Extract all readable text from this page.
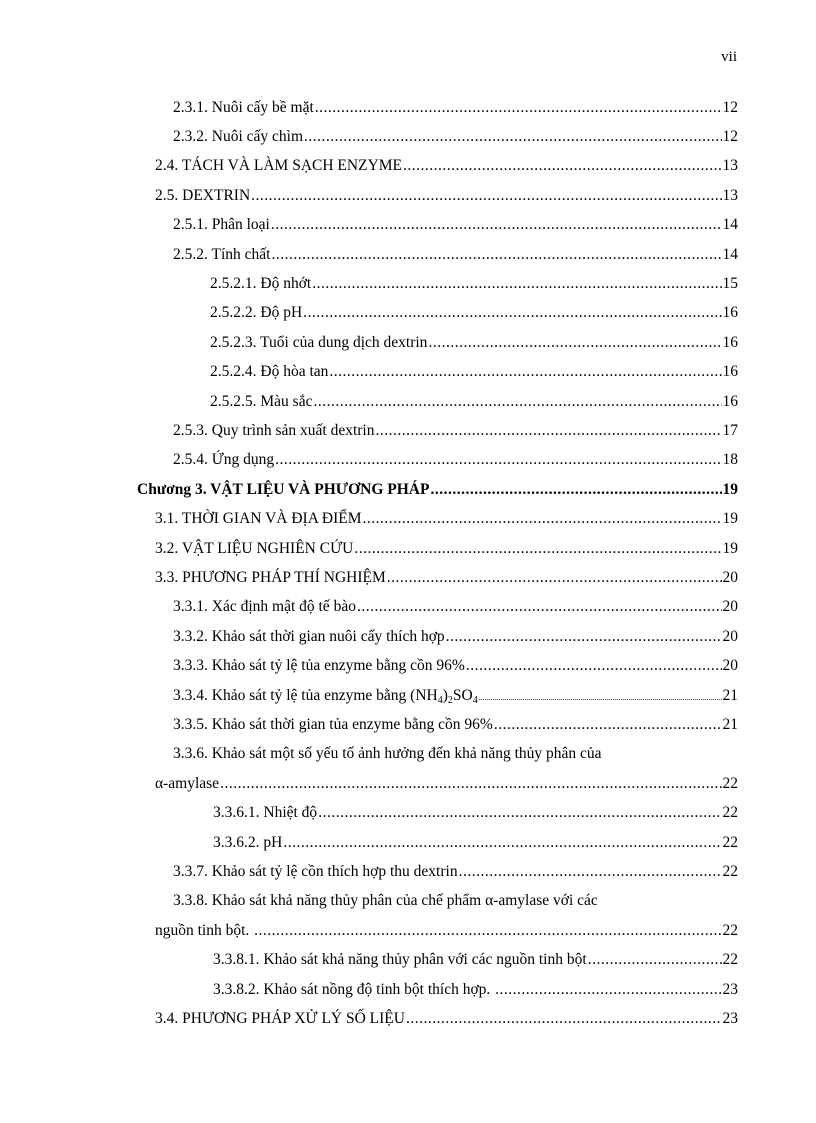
vii
2.3.1. Nuôi cấy bề mặt .....	12
2.3.2. Nuôi cấy chìm .....	12
2.4. TÁCH VÀ LÀM SẠCH ENZYME .....	13
2.5. DEXTRIN .....	13
2.5.1. Phân loại .....	14
2.5.2. Tính chất .....	14
2.5.2.1. Độ nhớt .....	15
2.5.2.2. Độ pH .....	16
2.5.2.3. Tuổi của dung dịch dextrin .....	16
2.5.2.4. Độ hòa tan .....	16
2.5.2.5. Màu sắc .....	16
2.5.3. Quy trình sản xuất dextrin .....	17
2.5.4. Ứng dụng .....	18
Chương 3. VẬT LIỆU VÀ PHƯƠNG PHÁP .....	19
3.1. THỜI GIAN VÀ ĐỊA ĐIỂM .....	19
3.2. VẬT LIỆU NGHIÊN CỨU .....	19
3.3. PHƯƠNG PHÁP THÍ NGHIỆM .....	20
3.3.1. Xác định mật độ tế bào .....	20
3.3.2. Khảo sát thời gian nuôi cấy thích hợp .....	20
3.3.3. Khảo sát tỷ lệ tủa enzyme bằng cồn 96% .....	20
3.3.4. Khảo sát tỷ lệ tủa enzyme bằng $(NH_4)_2SO_4$ .....	21
3.3.5. Khảo sát thời gian tủa enzyme bằng cồn 96% .....	21
3.3.6. Khảo sát một số yếu tố ảnh hưởng đến khả năng thủy phân của
α-amylase .....	22
3.3.6.1. Nhiệt độ .....	22
3.3.6.2. pH .....	22
3.3.7. Khảo sát tỷ lệ cồn thích hợp thu dextrin .....	22
3.3.8. Khảo sát khả năng thủy phân của chế phẩm α-amylase với các
nguồn tinh bột. .....	22
3.3.8.1. Khảo sát khả năng thủy phân với các nguồn tinh bột .....	22
3.3.8.2. Khảo sát nồng độ tinh bột thích hợp. .....	23
3.4. PHƯƠNG PHÁP XỬ LÝ SỐ LIỆU .....	23
